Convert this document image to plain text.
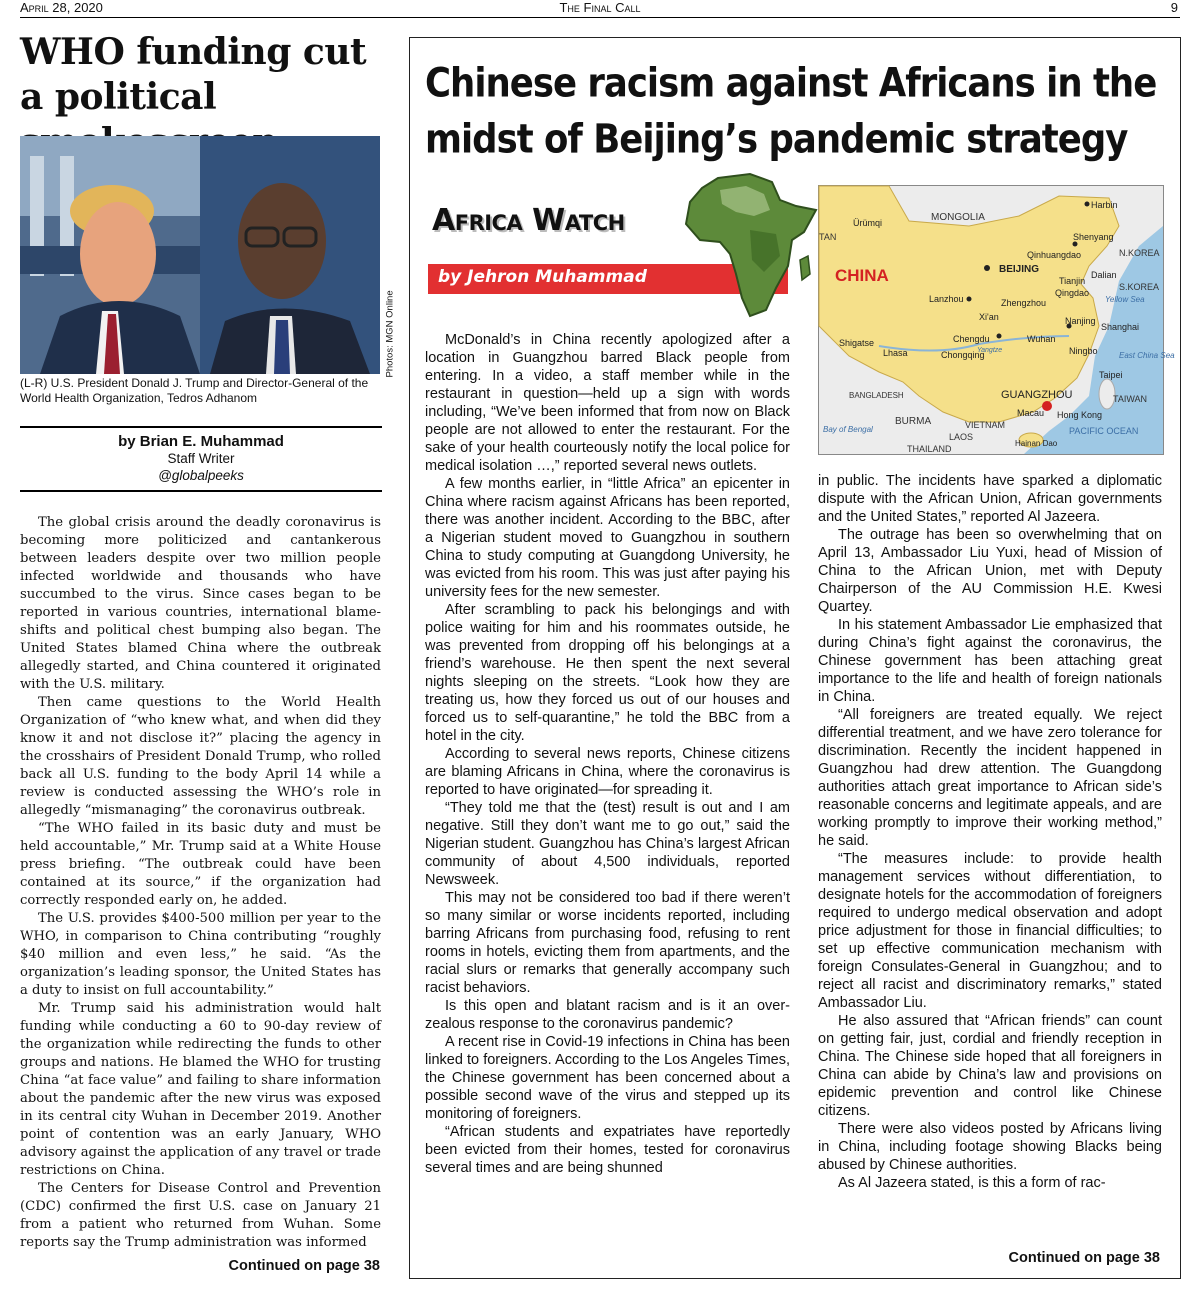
April 28, 2020	The Final Call	9
WHO funding cut a political
Photos: MGN Online
(L-R) U.S. President Donald J. Trump and Director-General of the World Health Organization, Tedros Adhanom
by Brian E. Muhammad
Staff Writer
@globalpeeks

The global crisis around the deadly coronavirus is becoming more politicized and cantankerous between leaders despite over two million people infected worldwide and thousands who have succumbed to the virus. Since cases began to be reported in various countries, international blame-shifts and political chest bumping also began. The United States blamed China where the outbreak allegedly started, and China countered it originated with the U.S. military.

Then came questions to the World Health Organization of “who knew what, and when did they know it and not disclose it?” placing the agency in the crosshairs of President Donald Trump, who rolled back all U.S. funding to the body April 14 while a review is conducted assessing the WHO’s role in allegedly “mismanaging” the coronavirus outbreak.

“The WHO failed in its basic duty and must be held accountable,” Mr. Trump said at a White House press briefing. “The outbreak could have been contained at its source,” if the organization had correctly responded early on, he added.

The U.S. provides $400-500 million per year to the WHO, in comparison to China contributing “roughly $40 million and even less,” he said. “As the organization’s leading sponsor, the United States has a duty to insist on full accountability.”

Mr. Trump said his administration would halt funding while conducting a 60 to 90-day review of the organization while redirecting the funds to other groups and nations. He blamed the WHO for trusting China “at face value” and failing to share information about the pandemic after the new virus was exposed in its central city Wuhan in December 2019. Another point of contention was an early January, WHO advisory against the application of any travel or trade restrictions on China.

The Centers for Disease Control and Prevention (CDC) confirmed the first U.S. case on January 21 from a patient who returned from Wuhan. Some reports say the Trump administration was informed

Continued on page 38
Chinese racism against Africans in the midst of Beijing’s pandemic strategy
Africa Watch
by Jehron Muhammad	CHINA
MONGOLIA
N.KOREA
S.KOREA
BURMA
THAILAND
LAOS
VIETNAM
TAIWAN
BANGLADESH
TAN
Harbin
Ürümqi
Shenyang
Qinhuangdao
BEIJING
Tianjin
Dalian
Qingdao
Lanzhou	Zhengzhou
Xi'an	Nanjing
Shanghai
Shigatse
Lhasa
Chengdu	Wuhan
Chongqing	Ningbo
Taipei
GUANGZHOU
Macau Hong Kong
Hainan Dao
Yellow Sea
East China Sea
PACIFIC OCEAN
Bay of Bengal
Yangtze

McDonald’s in China recently apologized after a location in Guangzhou barred Black people from entering. In a video, a staff member while in the restaurant in question—held up a sign with words including, “We’ve been informed that from now on Black people are not allowed to enter the restaurant. For the sake of your health courteously notify the local police for medical isolation …,” reported several news outlets.

A few months earlier, in “little Africa” an epicenter in China where racism against Africans has been reported, there was another incident. According to the BBC, after a Nigerian student moved to Guangzhou in southern China to study computing at Guangdong University, he was evicted from his room. This was just after paying his university fees for the new semester.

After scrambling to pack his belongings and with police waiting for him and his roommates outside, he was prevented from dropping off his belongings at a friend’s warehouse. He then spent the next several nights sleeping on the streets. “Look how they are treating us, how they forced us out of our houses and forced us to self-quarantine,” he told the BBC from a hotel in the city.

According to several news reports, Chinese citizens are blaming Africans in China, where the coronavirus is reported to have originated—for spreading it.

“They told me that the (test) result is out and I am negative. Still they don’t want me to go out,” said the Nigerian student. Guangzhou has China’s largest African community of about 4,500 individuals, reported Newsweek.

This may not be considered too bad if there weren’t so many similar or worse incidents reported, including barring Africans from purchasing food, refusing to rent rooms in hotels, evicting them from apartments, and the racial slurs or remarks that generally accompany such racist behaviors.

Is this open and blatant racism and is it an over-zealous response to the coronavirus pandemic?

A recent rise in Covid-19 infections in China has been linked to foreigners. According to the Los Angeles Times, the Chinese government has been concerned about a possible second wave of the virus and stepped up its monitoring of foreigners.

“African students and expatriates have reportedly been evicted from their homes, tested for coronavirus several times and are being shunned

in public. The incidents have sparked a diplomatic dispute with the African Union, African governments and the United States,” reported Al Jazeera.

The outrage has been so overwhelming that on April 13, Ambassador Liu Yuxi, head of Mission of China to the African Union, met with Deputy Chairperson of the AU Commission H.E. Kwesi Quartey.

In his statement Ambassador Lie emphasized that during China’s fight against the coronavirus, the Chinese government has been attaching great importance to the life and health of foreign nationals in China.

“All foreigners are treated equally. We reject differential treatment, and we have zero tolerance for discrimination. Recently the incident happened in Guangzhou had drew attention. The Guangdong authorities attach great importance to African side’s reasonable concerns and legitimate appeals, and are working promptly to improve their working method,” he said.

“The measures include: to provide health management services without differentiation, to designate hotels for the accommodation of foreigners required to undergo medical observation and adopt price adjustment for those in financial difficulties; to set up effective communication mechanism with foreign Consulates-General in Guangzhou; and to reject all racist and discriminatory remarks,” stated Ambassador Liu.

He also assured that “African friends” can count on getting fair, just, cordial and friendly reception in China. The Chinese side hoped that all foreigners in China can abide by China’s law and provisions on epidemic prevention and control like Chinese citizens.

There were also videos posted by Africans living in China, including footage showing Blacks being abused by Chinese authorities.

As Al Jazeera stated, is this a form of rac-

Continued on page 38
